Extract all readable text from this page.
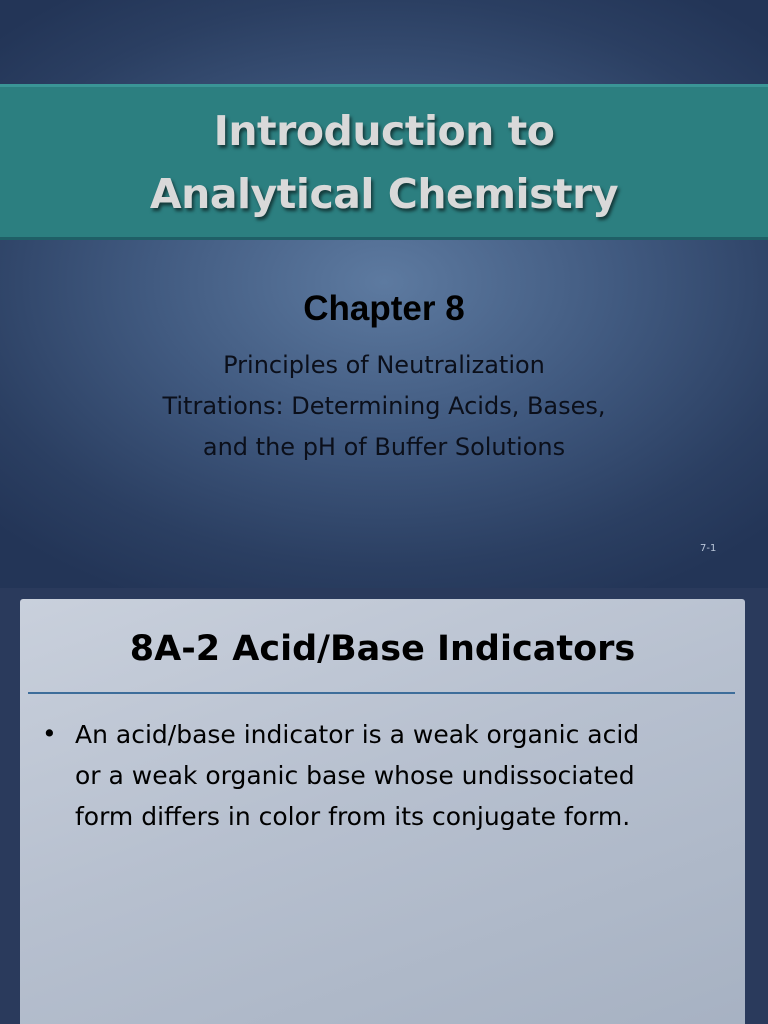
Introduction to
Analytical Chemistry
Chapter 8
Principles of Neutralization
Titrations: Determining Acids, Bases,
and the pH of Buffer Solutions
7-1
8A-2 Acid/Base Indicators
• An acid/base indicator is a weak organic acid
or a weak organic base whose undissociated
form differs in color from its conjugate form.
